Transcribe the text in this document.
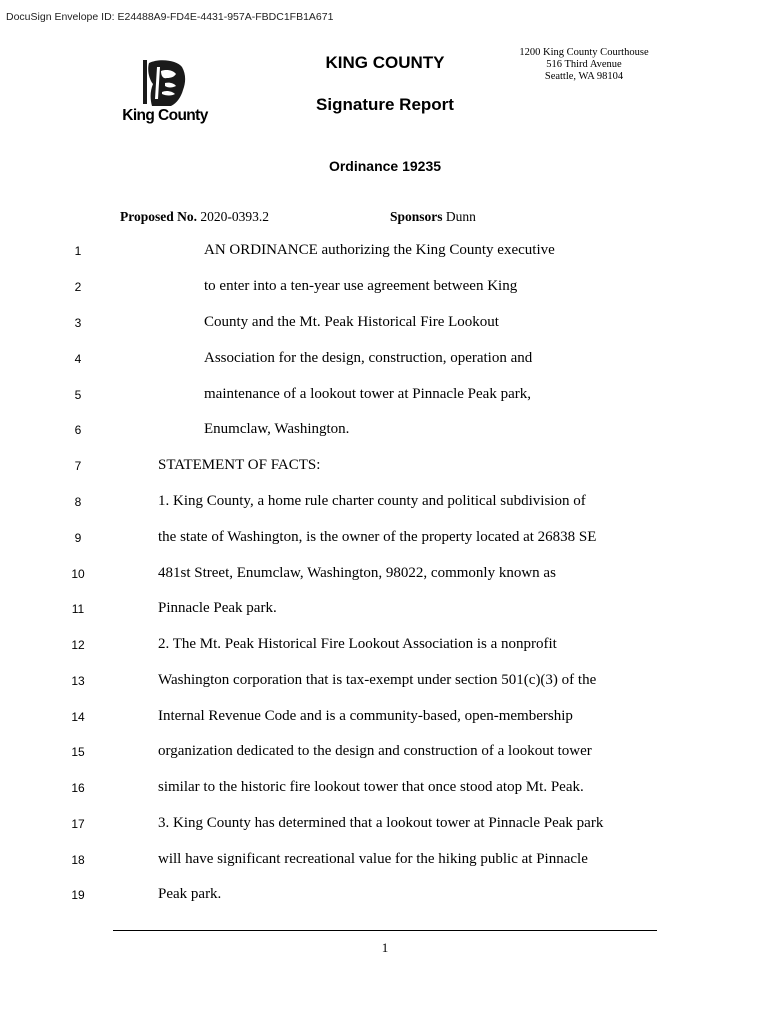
DocuSign Envelope ID: E24488A9-FD4E-4431-957A-FBDC1FB1A671
King County
KING COUNTY
Signature Report
1200 King County Courthouse
516 Third Avenue
Seattle, WA 98104
Ordinance 19235
Proposed No. 2020-0393.2	Sponsors Dunn
1	AN ORDINANCE authorizing the King County executive
2	to enter into a ten-year use agreement between King
3	County and the Mt. Peak Historical Fire Lookout
4	Association for the design, construction, operation and
5	maintenance of a lookout tower at Pinnacle Peak park,
6	Enumclaw, Washington.
7	STATEMENT OF FACTS:
8	1. King County, a home rule charter county and political subdivision of
9	the state of Washington, is the owner of the property located at 26838 SE
10	481st Street, Enumclaw, Washington, 98022, commonly known as
11	Pinnacle Peak park.
12	2. The Mt. Peak Historical Fire Lookout Association is a nonprofit
13	Washington corporation that is tax-exempt under section 501(c)(3) of the
14	Internal Revenue Code and is a community-based, open-membership
15	organization dedicated to the design and construction of a lookout tower
16	similar to the historic fire lookout tower that once stood atop Mt. Peak.
17	3. King County has determined that a lookout tower at Pinnacle Peak park
18	will have significant recreational value for the hiking public at Pinnacle
19	Peak park.
1
